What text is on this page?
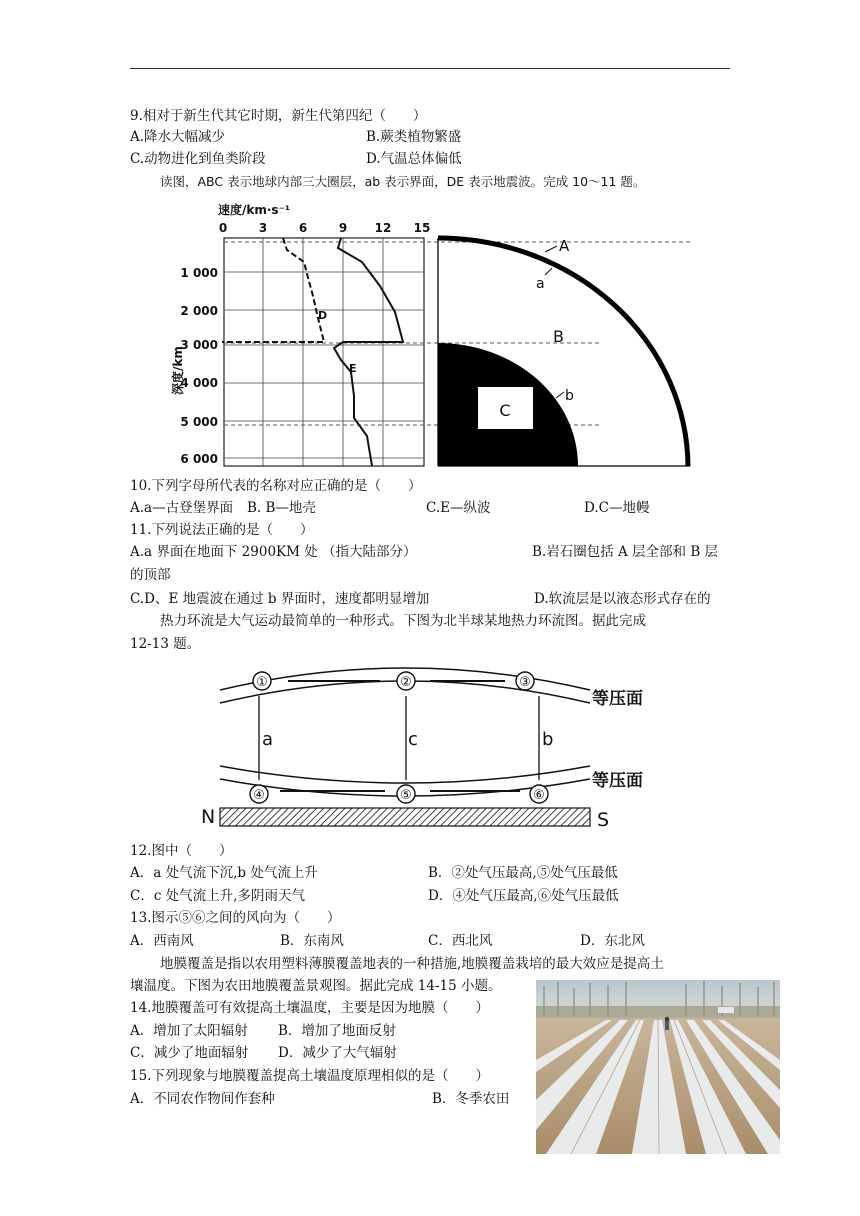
9.相对于新生代其它时期，新生代第四纪（　　）
A.降水大幅减少	B.蕨类植物繁盛
C.动物进化到鱼类阶段	D.气温总体偏低
读图，ABC 表示地球内部三大圈层，ab 表示界面，DE 表示地震波。完成 10～11 题。
速度/km·s⁻¹
0	3	6	9 12 15
深度/km
1 000
2 000
3 000
4 000
5 000
6 000
D
E
C
A
a
B
b
10.下列字母所代表的名称对应正确的是（　　）
A.a—古登堡界面 B. B—地壳	C.E—纵波	D.C—地幔
11.下列说法正确的是（　　）
A.a 界面在地面下 2900KM 处 （指大陆部分）	B.岩石圈包括 A 层全部和 B 层
的顶部
C.D、E 地震波在通过 b 界面时，速度都明显增加	D.软流层是以液态形式存在的
热力环流是大气运动最简单的一种形式。下图为北半球某地热力环流图。据此完成
12-13 题。
①	②	③
④	⑤	⑥
a	c	b
等压面
等压面
N	S
12.图中（　　）
A．a 处气流下沉,b 处气流上升	B．②处气压最高,⑤处气压最低
C．c 处气流上升,多阴雨天气	D．④处气压最高,⑥处气压最低
13.图示⑤⑥之间的风向为（　　）
A．西南风	B．东南风	C．西北风	D．东北风
地膜覆盖是指以农用塑料薄膜覆盖地表的一种措施,地膜覆盖栽培的最大效应是提高土
壤温度。下图为农田地膜覆盖景观图。据此完成 14-15 小题。
14.地膜覆盖可有效提高土壤温度，主要是因为地膜（　　）
A．增加了太阳辐射 B．增加了地面反射
C．减少了地面辐射 D．减少了大气辐射
15.下列现象与地膜覆盖提高土壤温度原理相似的是（　　）
A．不同农作物间作套种	B．冬季农田
